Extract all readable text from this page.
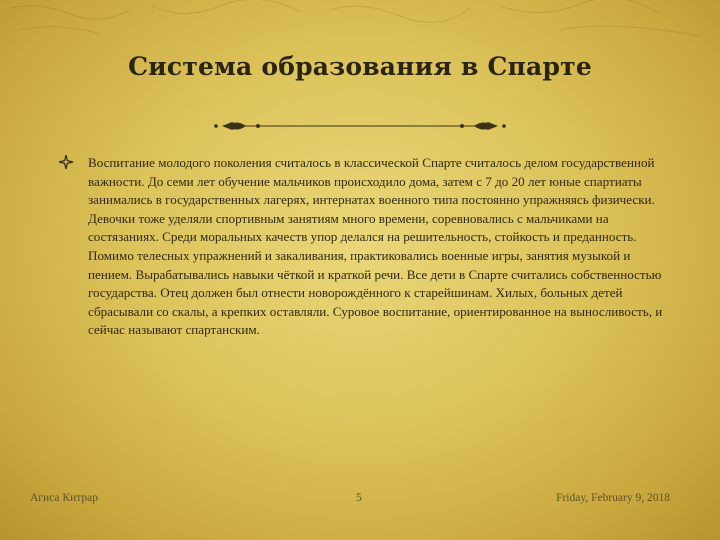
Система образования в Спарте
Воспитание молодого поколения считалось в классической Спарте считалось делом государственной важности. До семи лет обучение мальчиков происходило дома, затем с 7 до 20 лет юные спартиаты занимались в государственных лагерях, интернатах военного типа постоянно упражняясь физически. Девочки тоже уделяли спортивным занятиям много времени, соревновались с мальчиками на состязаниях. Среди моральных качеств упор делался на решительность, стойкость и преданность. Помимо телесных упражнений и закаливания, практиковались военные игры, занятия музыкой и пением. Вырабатывались навыки чёткой и краткой речи. Все дети в Спарте считались собственностью государства. Отец должен был отнести новорождённого к старейшинам. Хилых, больных детей сбрасывали со скалы, а крепких оставляли. Суровое воспитание, ориентированное на выносливость, и сейчас называют спартанским.
Агиса Китрар	5	Friday, February 9, 2018
